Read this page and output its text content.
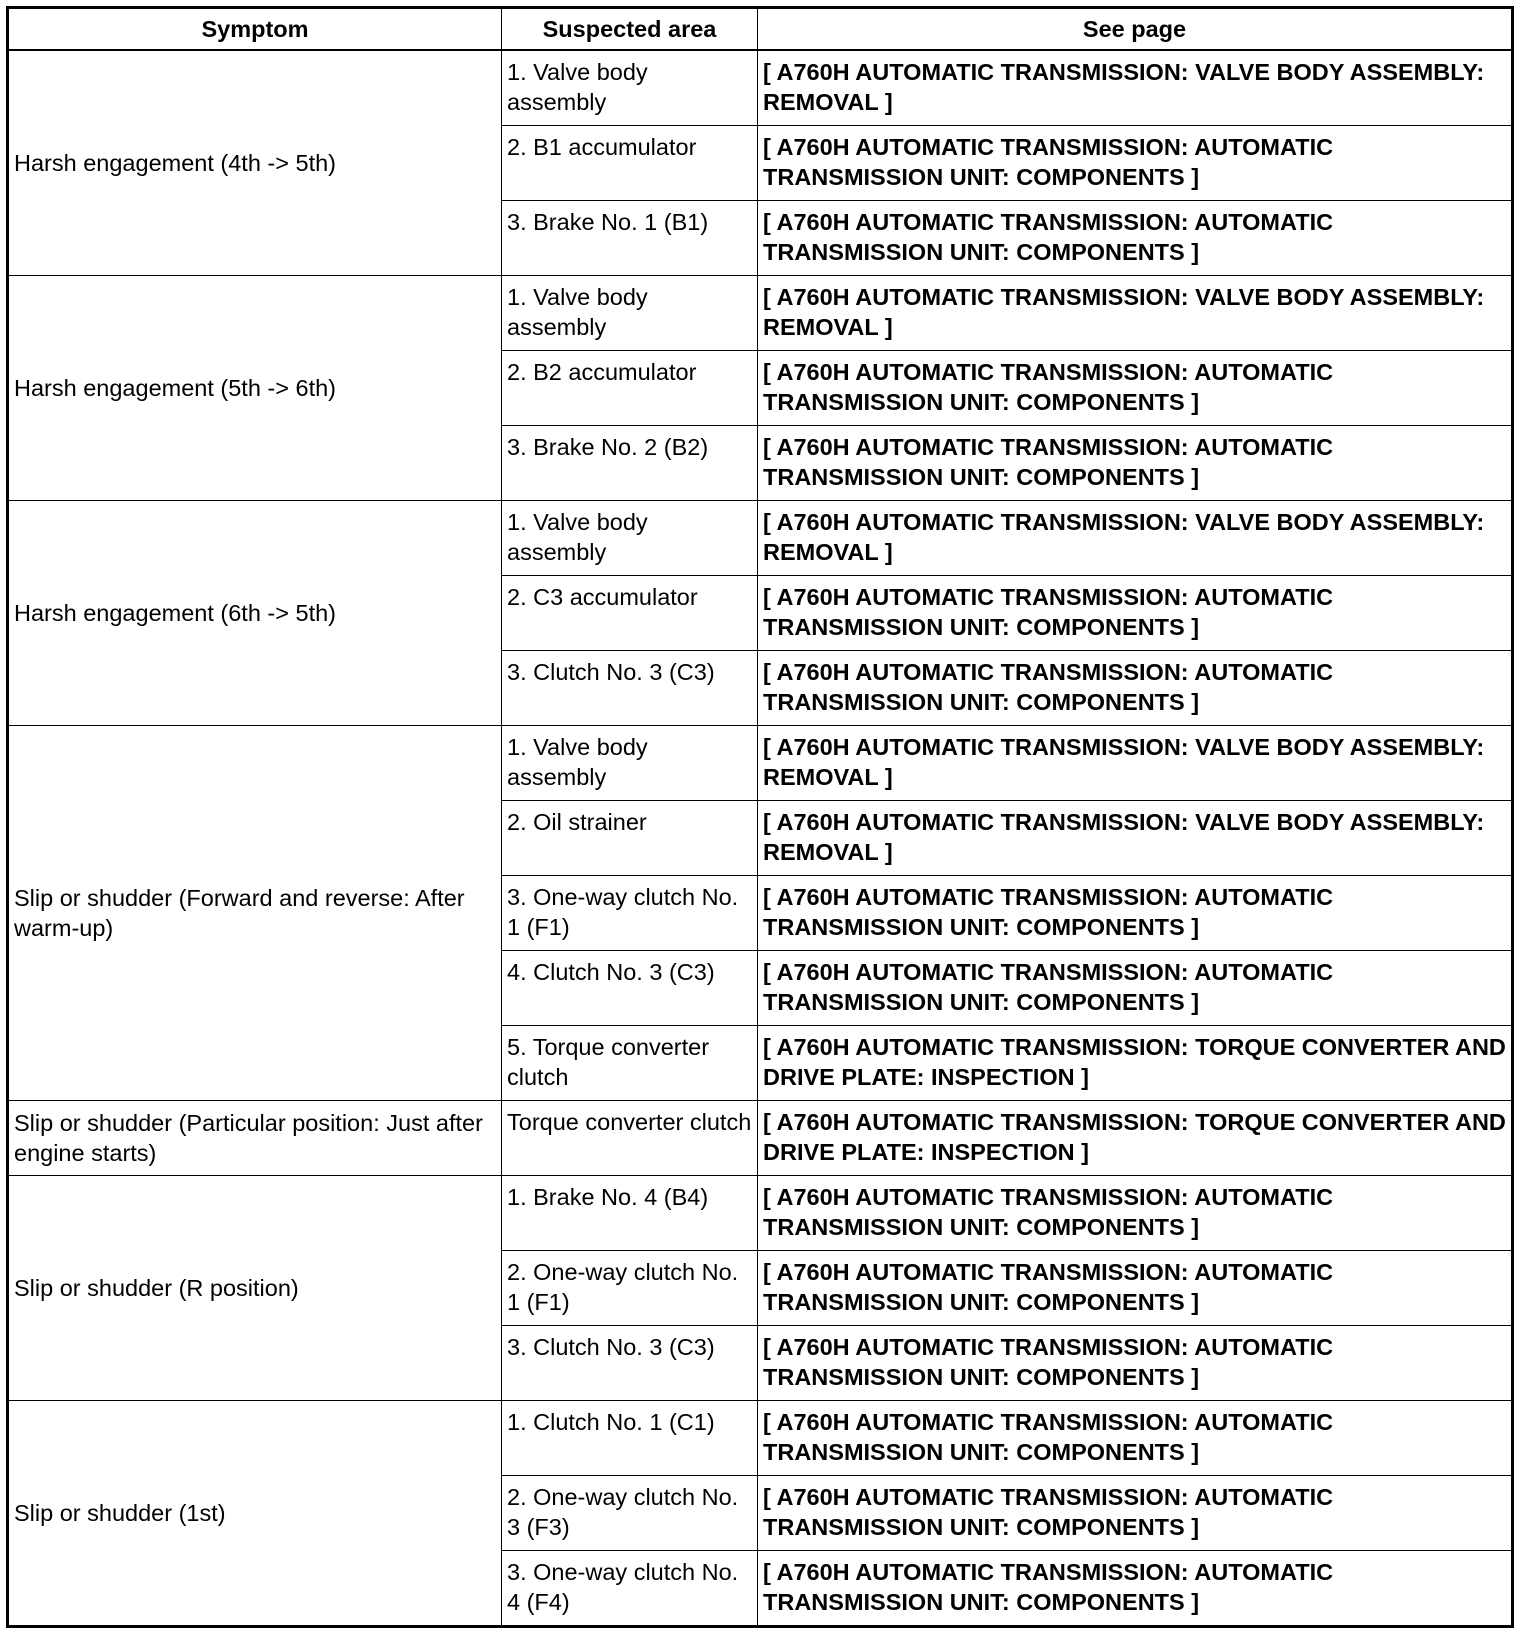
Symptom	Suspected area	See page
Harsh engagement (4th -> 5th)	1. Valve body assembly	[ A760H AUTOMATIC TRANSMISSION: VALVE BODY ASSEMBLY: REMOVAL ]
	2. B1 accumulator	[ A760H AUTOMATIC TRANSMISSION: AUTOMATIC TRANSMISSION UNIT: COMPONENTS ]
	3. Brake No. 1 (B1)	[ A760H AUTOMATIC TRANSMISSION: AUTOMATIC TRANSMISSION UNIT: COMPONENTS ]
Harsh engagement (5th -> 6th)	1. Valve body assembly	[ A760H AUTOMATIC TRANSMISSION: VALVE BODY ASSEMBLY: REMOVAL ]
	2. B2 accumulator	[ A760H AUTOMATIC TRANSMISSION: AUTOMATIC TRANSMISSION UNIT: COMPONENTS ]
	3. Brake No. 2 (B2)	[ A760H AUTOMATIC TRANSMISSION: AUTOMATIC TRANSMISSION UNIT: COMPONENTS ]
Harsh engagement (6th -> 5th)	1. Valve body assembly	[ A760H AUTOMATIC TRANSMISSION: VALVE BODY ASSEMBLY: REMOVAL ]
	2. C3 accumulator	[ A760H AUTOMATIC TRANSMISSION: AUTOMATIC TRANSMISSION UNIT: COMPONENTS ]
	3. Clutch No. 3 (C3)	[ A760H AUTOMATIC TRANSMISSION: AUTOMATIC TRANSMISSION UNIT: COMPONENTS ]
Slip or shudder (Forward and reverse: After warm-up)	1. Valve body assembly	[ A760H AUTOMATIC TRANSMISSION: VALVE BODY ASSEMBLY: REMOVAL ]
	2. Oil strainer	[ A760H AUTOMATIC TRANSMISSION: VALVE BODY ASSEMBLY: REMOVAL ]
	3. One-way clutch No. 1 (F1)	[ A760H AUTOMATIC TRANSMISSION: AUTOMATIC TRANSMISSION UNIT: COMPONENTS ]
	4. Clutch No. 3 (C3)	[ A760H AUTOMATIC TRANSMISSION: AUTOMATIC TRANSMISSION UNIT: COMPONENTS ]
	5. Torque converter clutch	[ A760H AUTOMATIC TRANSMISSION: TORQUE CONVERTER AND DRIVE PLATE: INSPECTION ]
Slip or shudder (Particular position: Just after engine starts)	Torque converter clutch	[ A760H AUTOMATIC TRANSMISSION: TORQUE CONVERTER AND DRIVE PLATE: INSPECTION ]
Slip or shudder (R position)	1. Brake No. 4 (B4)	[ A760H AUTOMATIC TRANSMISSION: AUTOMATIC TRANSMISSION UNIT: COMPONENTS ]
	2. One-way clutch No. 1 (F1)	[ A760H AUTOMATIC TRANSMISSION: AUTOMATIC TRANSMISSION UNIT: COMPONENTS ]
	3. Clutch No. 3 (C3)	[ A760H AUTOMATIC TRANSMISSION: AUTOMATIC TRANSMISSION UNIT: COMPONENTS ]
Slip or shudder (1st)	1. Clutch No. 1 (C1)	[ A760H AUTOMATIC TRANSMISSION: AUTOMATIC TRANSMISSION UNIT: COMPONENTS ]
	2. One-way clutch No. 3 (F3)	[ A760H AUTOMATIC TRANSMISSION: AUTOMATIC TRANSMISSION UNIT: COMPONENTS ]
	3. One-way clutch No. 4 (F4)	[ A760H AUTOMATIC TRANSMISSION: AUTOMATIC TRANSMISSION UNIT: COMPONENTS ]
